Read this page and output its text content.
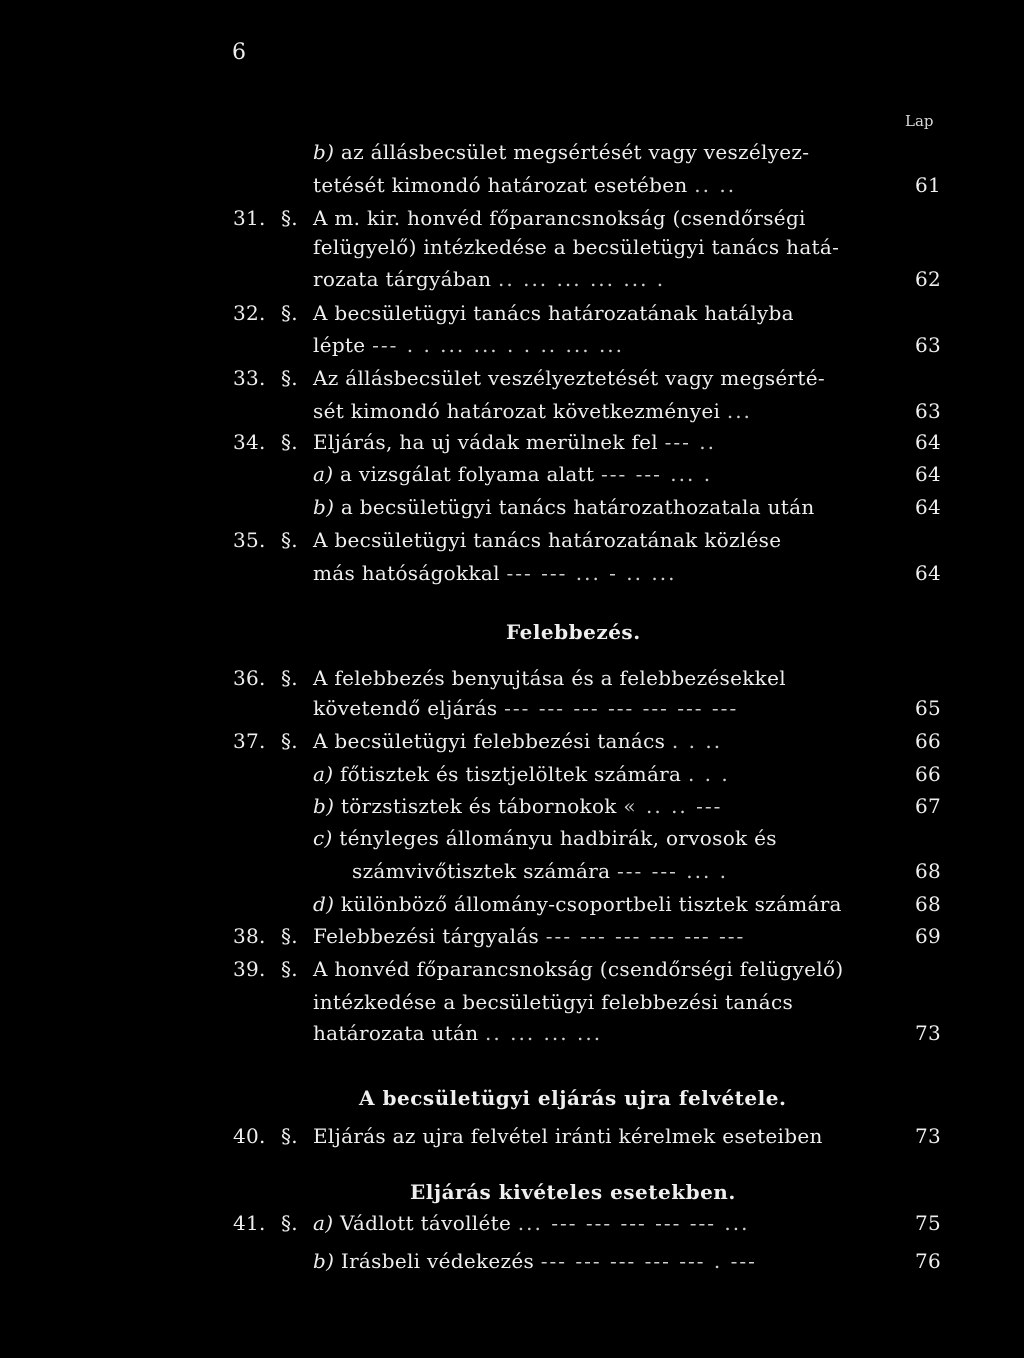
6
Lap
b) az állásbecsület megsértését vagy veszélyez-
tetését kimondó határozat esetében .. ..	61
31. §. A m. kir. honvéd főparancsnokság (csendőrségi
felügyelő) intézkedése a becsületügyi tanács hatá-
rozata tárgyában .. ... ... ... ... .	62
32. §. A becsületügyi tanács határozatának hatályba
lépte --- . . ... ... . . .. ... ...	63
33. §. Az állásbecsület veszélyeztetését vagy megsérté-
sét kimondó határozat következményei ...	63
34. §. Eljárás, ha uj vádak merülnek fel --- ..	64
a) a vizsgálat folyama alatt --- --- ... .	64
b) a becsületügyi tanács határozathozatala után	64
35. §. A becsületügyi tanács határozatának közlése
más hatóságokkal --- --- ... - .. ...	64
Felebbezés.
36. §. A felebbezés benyujtása és a felebbezésekkel
követendő eljárás --- --- --- --- --- --- ---	65
37. §. A becsületügyi felebbezési tanács . . ..	66
a) főtisztek és tisztjelöltek számára . . .	66
b) törzstisztek és tábornokok « .. .. ---	67
c) tényleges állományu hadbirák, orvosok és
számvivőtisztek számára --- --- ... .	68
d) különböző állomány-csoportbeli tisztek számára	68
38. §. Felebbezési tárgyalás --- --- --- --- --- ---	69
39. §. A honvéd főparancsnokság (csendőrségi felügyelő)
intézkedése a becsületügyi felebbezési tanács
határozata után .. ... ... ...	73
A becsületügyi eljárás ujra felvétele.
40. §. Eljárás az ujra felvétel iránti kérelmek eseteiben	73
Eljárás kivételes esetekben.
41. §. a) Vádlott távolléte ... --- --- --- --- --- ...	75
b) Irásbeli védekezés --- --- --- --- --- . ---	76
